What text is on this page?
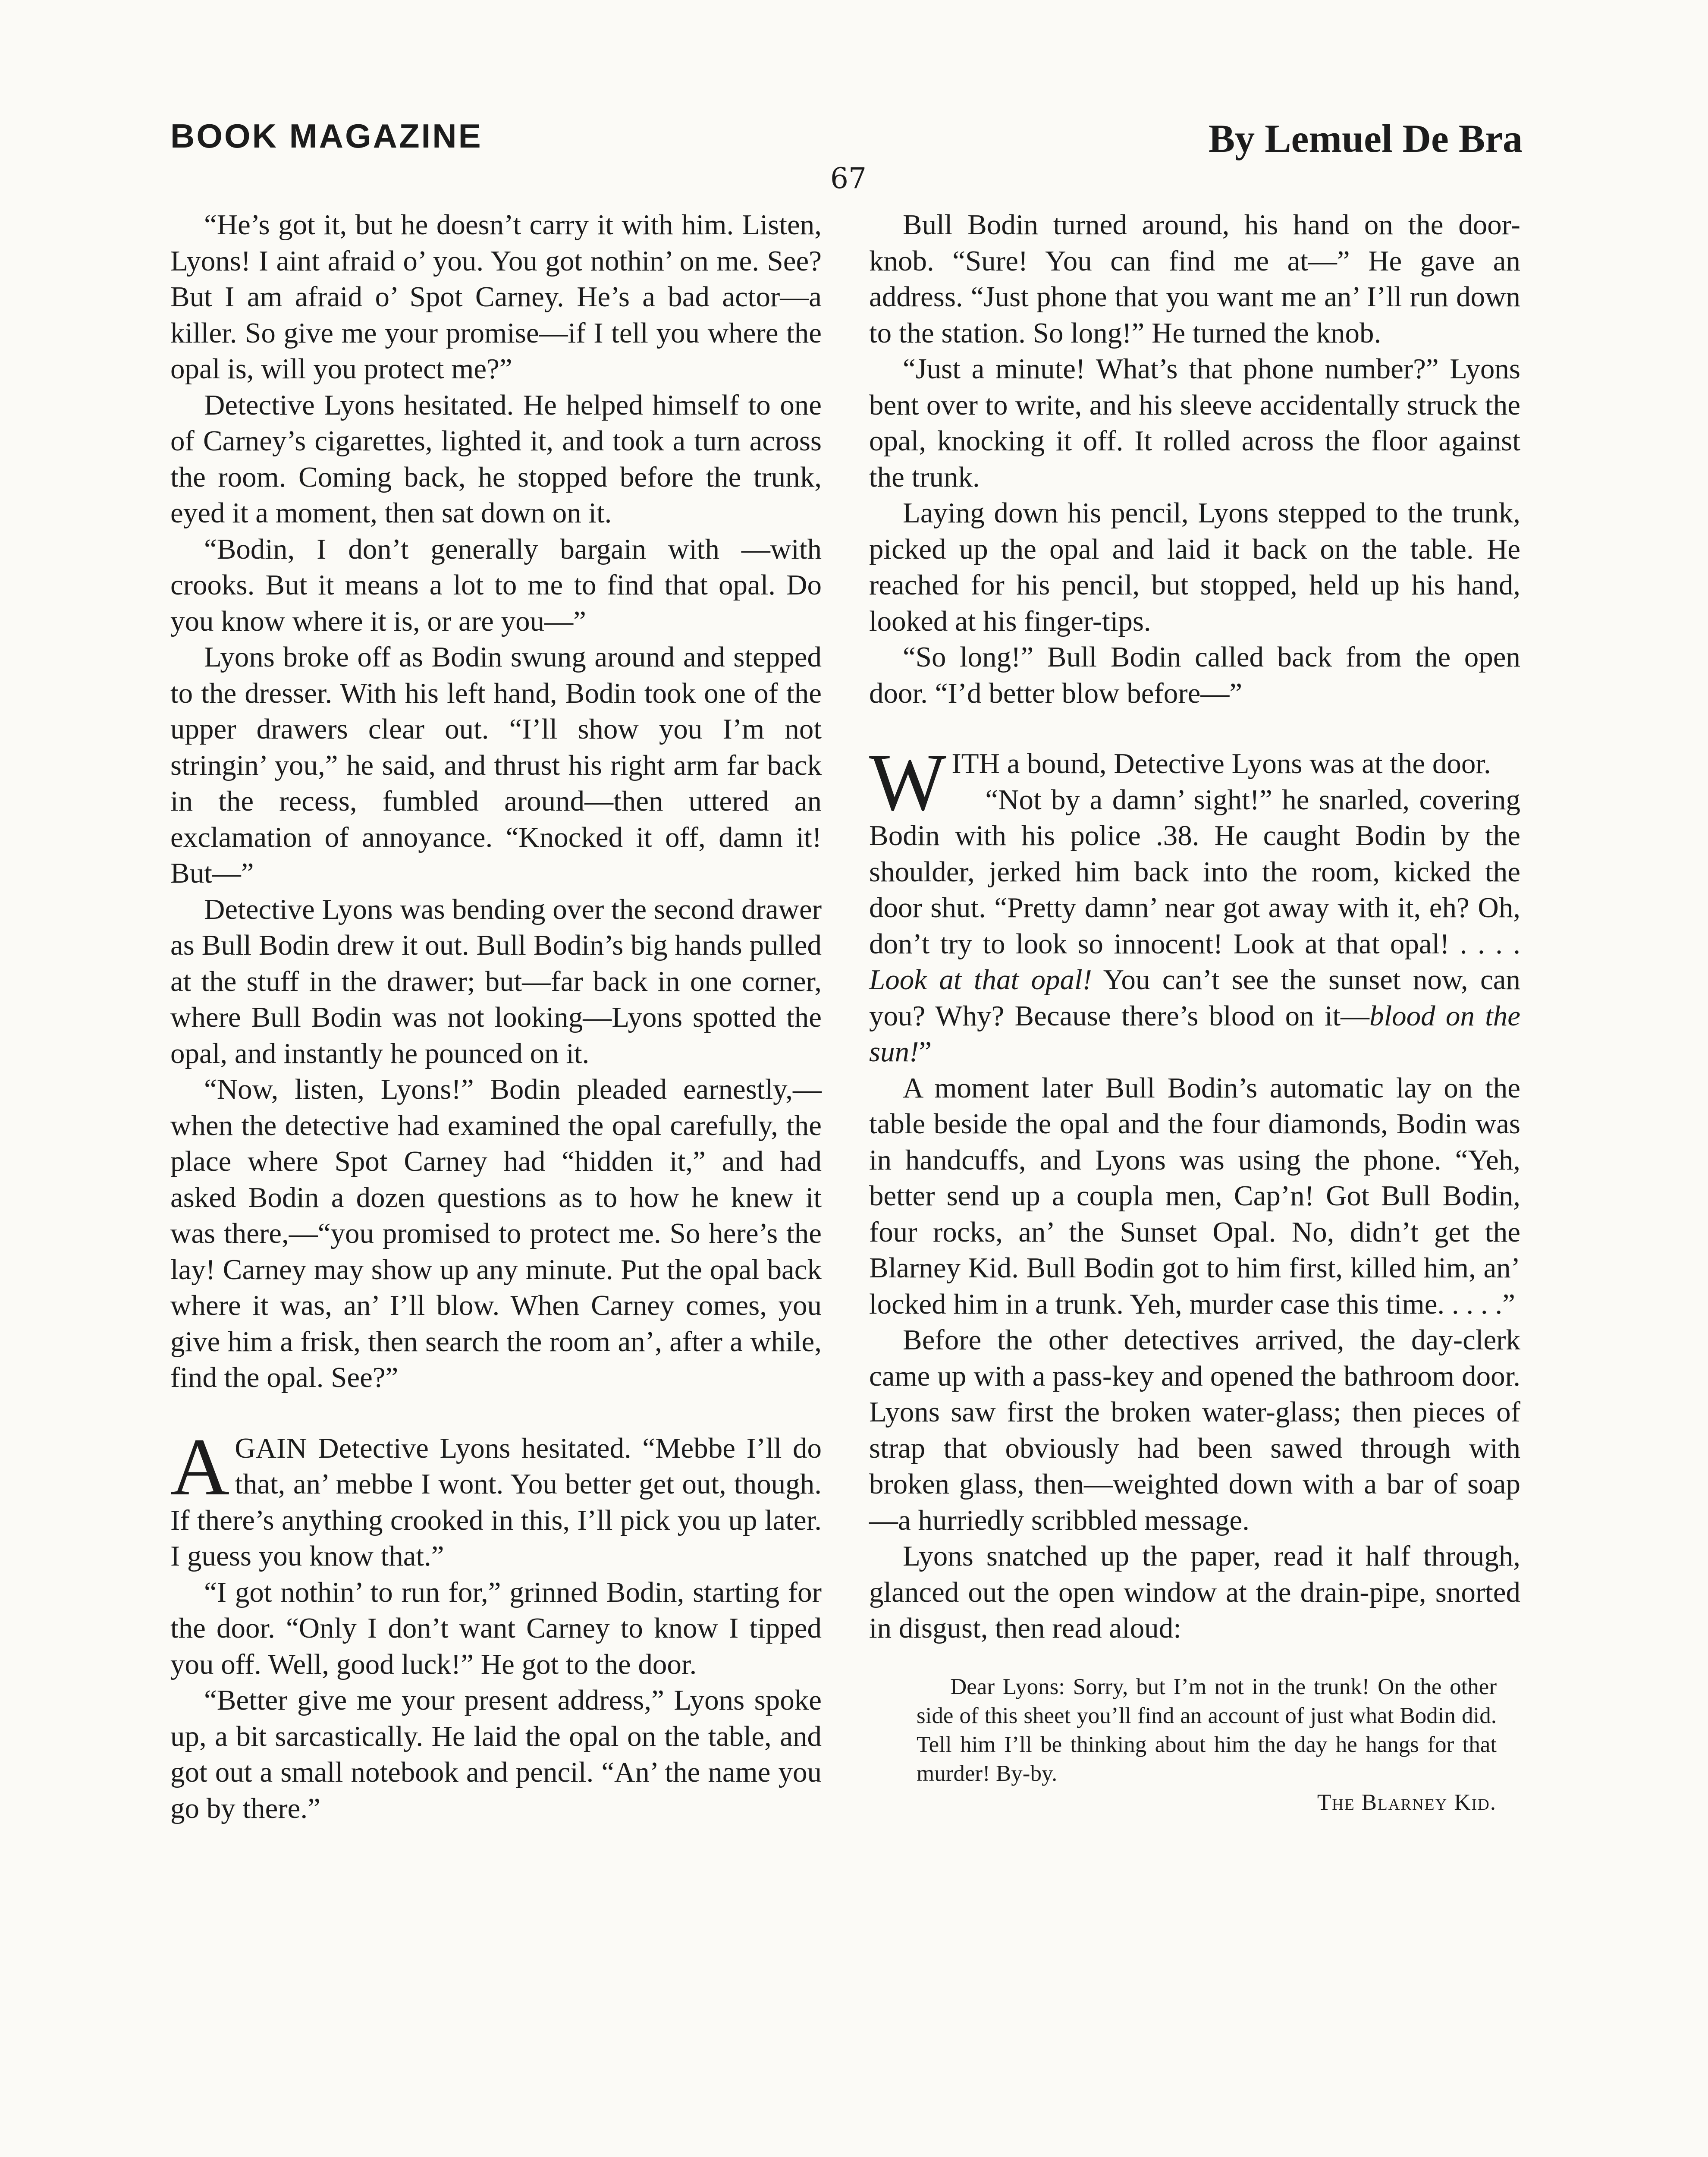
BOOK MAGAZINE	By Lemuel De Bra
67

“He’s got it, but he doesn’t carry it with him. Listen, Lyons! I aint afraid o’ you. You got nothin’ on me. See? But I am afraid o’ Spot Carney. He’s a bad actor—a killer. So give me your promise—if I tell you where the opal is, will you protect me?”

Detective Lyons hesitated. He helped himself to one of Carney’s cigarettes, lighted it, and took a turn across the room. Coming back, he stopped before the trunk, eyed it a moment, then sat down on it.

“Bodin, I don’t generally bargain with —with crooks. But it means a lot to me to find that opal. Do you know where it is, or are you—”

Lyons broke off as Bodin swung around and stepped to the dresser. With his left hand, Bodin took one of the upper drawers clear out. “I’ll show you I’m not stringin’ you,” he said, and thrust his right arm far back in the recess, fumbled around—then uttered an exclamation of annoyance. “Knocked it off, damn it! But—”

Detective Lyons was bending over the second drawer as Bull Bodin drew it out. Bull Bodin’s big hands pulled at the stuff in the drawer; but—far back in one corner, where Bull Bodin was not looking—Lyons spotted the opal, and instantly he pounced on it.

“Now, listen, Lyons!” Bodin pleaded earnestly,—when the detective had examined the opal carefully, the place where Spot Carney had “hidden it,” and had asked Bodin a dozen questions as to how he knew it was there,—“you promised to protect me. So here’s the lay! Carney may show up any minute. Put the opal back where it was, an’ I’ll blow. When Carney comes, you give him a frisk, then search the room an’, after a while, find the opal. See?”

AGAIN Detective Lyons hesitated. “Mebbe I’ll do that, an’ mebbe I wont. You better get out, though. If there’s anything crooked in this, I’ll pick you up later. I guess you know that.”

“I got nothin’ to run for,” grinned Bodin, starting for the door. “Only I don’t want Carney to know I tipped you off. Well, good luck!” He got to the door.

“Better give me your present address,” Lyons spoke up, a bit sarcastically. He laid the opal on the table, and got out a small notebook and pencil. “An’ the name you go by there.”

Bull Bodin turned around, his hand on the door-knob. “Sure! You can find me at—” He gave an address. “Just phone that you want me an’ I’ll run down to the station. So long!” He turned the knob.

“Just a minute! What’s that phone number?” Lyons bent over to write, and his sleeve accidentally struck the opal, knocking it off. It rolled across the floor against the trunk.

Laying down his pencil, Lyons stepped to the trunk, picked up the opal and laid it back on the table. He reached for his pencil, but stopped, held up his hand, looked at his finger-tips.

“So long!” Bull Bodin called back from the open door. “I’d better blow before—”

WITH a bound, Detective Lyons was at the door.

“Not by a damn’ sight!” he snarled, covering Bodin with his police .38. He caught Bodin by the shoulder, jerked him back into the room, kicked the door shut. “Pretty damn’ near got away with it, eh? Oh, don’t try to look so innocent! Look at that opal! . . . . Look at that opal! You can’t see the sunset now, can you? Why? Because there’s blood on it—blood on the sun!”

A moment later Bull Bodin’s automatic lay on the table beside the opal and the four diamonds, Bodin was in handcuffs, and Lyons was using the phone. “Yeh, better send up a coupla men, Cap’n! Got Bull Bodin, four rocks, an’ the Sunset Opal. No, didn’t get the Blarney Kid. Bull Bodin got to him first, killed him, an’ locked him in a trunk. Yeh, murder case this time. . . . .”

Before the other detectives arrived, the day-clerk came up with a pass-key and opened the bathroom door. Lyons saw first the broken water-glass; then pieces of strap that obviously had been sawed through with broken glass, then—weighted down with a bar of soap—a hurriedly scribbled message.

Lyons snatched up the paper, read it half through, glanced out the open window at the drain-pipe, snorted in disgust, then read aloud:

Dear Lyons: Sorry, but I’m not in the trunk! On the other side of this sheet you’ll find an account of just what Bodin did. Tell him I’ll be thinking about him the day he hangs for that murder! By-by.

The Blarney Kid.
